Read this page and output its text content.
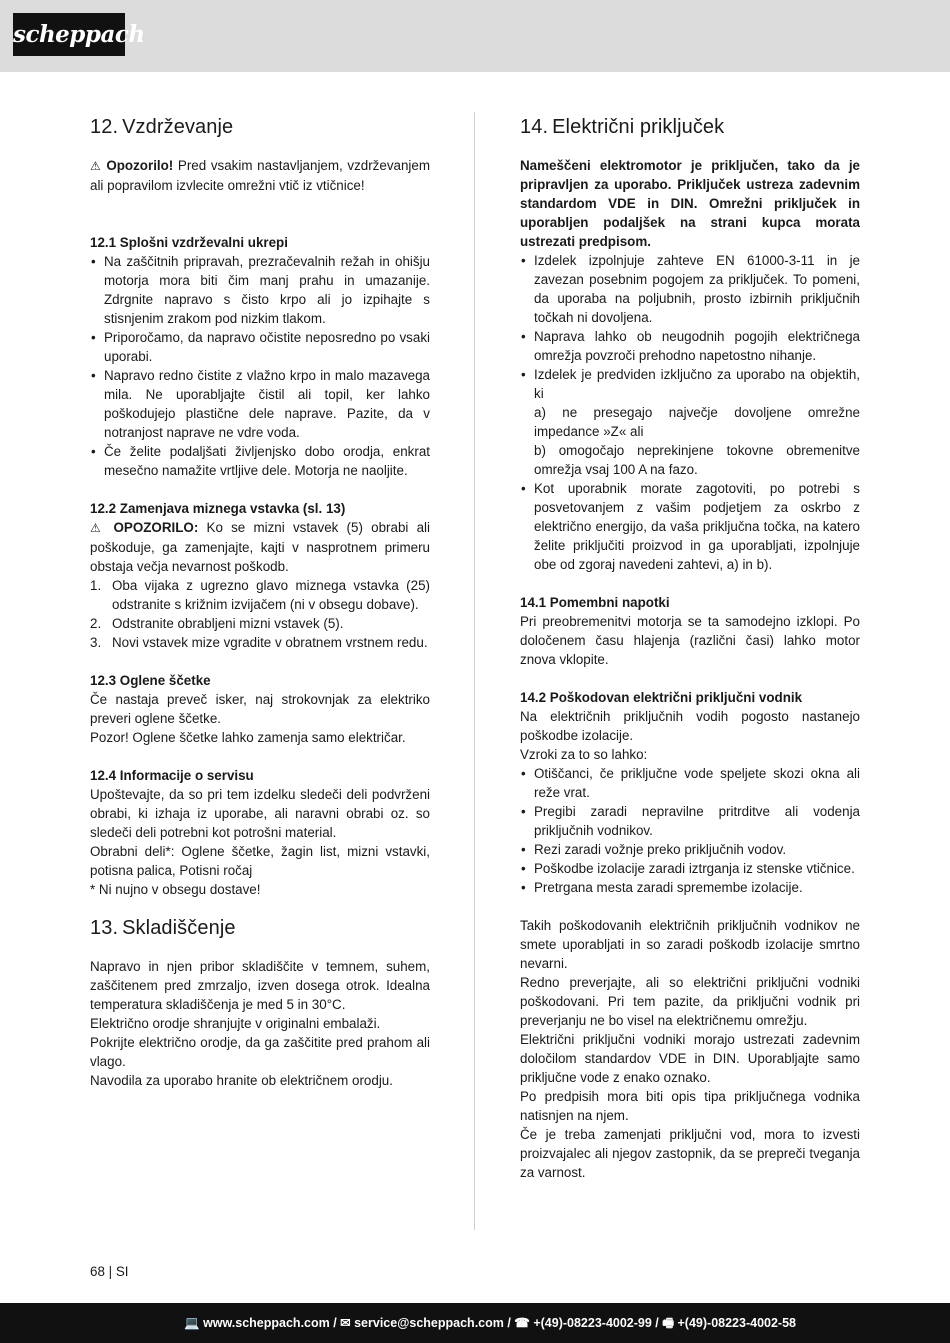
scheppach
12. Vzdrževanje

⚠ Opozorilo! Pred vsakim nastavljanjem, vzdrževanjem ali popravilom izvlecite omrežni vtič iz vtičnice!

12.1 Splošni vzdrževalni ukrepi

• Na zaščitnih pripravah, prezračevalnih režah in ohišju motorja mora biti čim manj prahu in umazanije. Zdrgnite napravo s čisto krpo ali jo izpihajte s stisnjenim zrakom pod nizkim tlakom.
• Priporočamo, da napravo očistite neposredno po vsaki uporabi.
• Napravo redno čistite z vlažno krpo in malo mazavega mila. Ne uporabljajte čistil ali topil, ker lahko poškodujejo plastične dele naprave. Pazite, da v notranjost naprave ne vdre voda.
• Če želite podaljšati življenjsko dobo orodja, enkrat mesečno namažite vrtljive dele. Motorja ne naoljite.

12.2 Zamenjava miznega vstavka (sl. 13)

⚠ OPOZORILO: Ko se mizni vstavek (5) obrabi ali poškoduje, ga zamenjajte, kajti v nasprotnem primeru obstaja večja nevarnost poškodb.

1. Oba vijaka z ugrezno glavo miznega vstavka (25) odstranite s križnim izvijačem (ni v obsegu dobave).
2. Odstranite obrabljeni mizni vstavek (5).
3. Novi vstavek mize vgradite v obratnem vrstnem redu.

12.3 Oglene ščetke

Če nastaja preveč isker, naj strokovnjak za elektriko preveri oglene ščetke.

Pozor! Oglene ščetke lahko zamenja samo električar.

12.4 Informacije o servisu

Upoštevajte, da so pri tem izdelku sledeči deli podvrženi obrabi, ki izhaja iz uporabe, ali naravni obrabi oz. so sledeči deli potrebni kot potrošni material.

Obrabni deli*: Oglene ščetke, žagin list, mizni vstavki, potisna palica, Potisni ročaj

* Ni nujno v obsegu dostave!

13. Skladiščenje

Napravo in njen pribor skladiščite v temnem, suhem, zaščitenem pred zmrzaljo, izven dosega otrok. Idealna temperatura skladiščenja je med 5 in 30°C.

Električno orodje shranjujte v originalni embalaži.

Pokrijte električno orodje, da ga zaščitite pred prahom ali vlago.

Navodila za uporabo hranite ob električnem orodju.

14. Električni priključek

Nameščeni elektromotor je priključen, tako da je pripravljen za uporabo. Priključek ustreza zadevnim standardom VDE in DIN. Omrežni priključek in uporabljen podaljšek na strani kupca morata ustrezati predpisom.

• Izdelek izpolnjuje zahteve EN 61000-3-11 in je zavezan posebnim pogojem za priključek. To pomeni, da uporaba na poljubnih, prosto izbirnih priključnih točkah ni dovoljena.
• Naprava lahko ob neugodnih pogojih električnega omrežja povzroči prehodno napetostno nihanje.
• Izdelek je predviden izključno za uporabo na objektih, ki
a) ne presegajo največje dovoljene omrežne impedance »Z« ali
b) omogočajo neprekinjene tokovne obremenitve omrežja vsaj 100 A na fazo.
• Kot uporabnik morate zagotoviti, po potrebi s posvetovanjem z vašim podjetjem za oskrbo z električno energijo, da vaša priključna točka, na katero želite priključiti proizvod in ga uporabljati, izpolnjuje obe od zgoraj navedeni zahtevi, a) in b).

14.1 Pomembni napotki

Pri preobremenitvi motorja se ta samodejno izklopi. Po določenem času hlajenja (različni časi) lahko motor znova vklopite.

14.2 Poškodovan električni priključni vodnik

Na električnih priključnih vodih pogosto nastanejo poškodbe izolacije.

Vzroki za to so lahko:

• Otiščanci, če priključne vode speljete skozi okna ali reže vrat.
• Pregibi zaradi nepravilne pritrditve ali vodenja priključnih vodnikov.
• Rezi zaradi vožnje preko priključnih vodov.
• Poškodbe izolacije zaradi iztrganja iz stenske vtičnice.
• Pretrgana mesta zaradi spremembe izolacije.

Takih poškodovanih električnih priključnih vodnikov ne smete uporabljati in so zaradi poškodb izolacije smrtno nevarni.

Redno preverjajte, ali so električni priključni vodniki poškodovani. Pri tem pazite, da priključni vodnik pri preverjanju ne bo visel na električnemu omrežju.

Električni priključni vodniki morajo ustrezati zadevnim določilom standardov VDE in DIN. Uporabljajte samo priključne vode z enako oznako.

Po predpisih mora biti opis tipa priključnega vodnika natisnjen na njem.

Če je treba zamenjati priključni vod, mora to izvesti proizvajalec ali njegov zastopnik, da se prepreči tveganja za varnost.

68 | SI
💻 www.scheppach.com / ✉ service@scheppach.com / ☎ +(49)-08223-4002-99 / 🖷 +(49)-08223-4002-58
